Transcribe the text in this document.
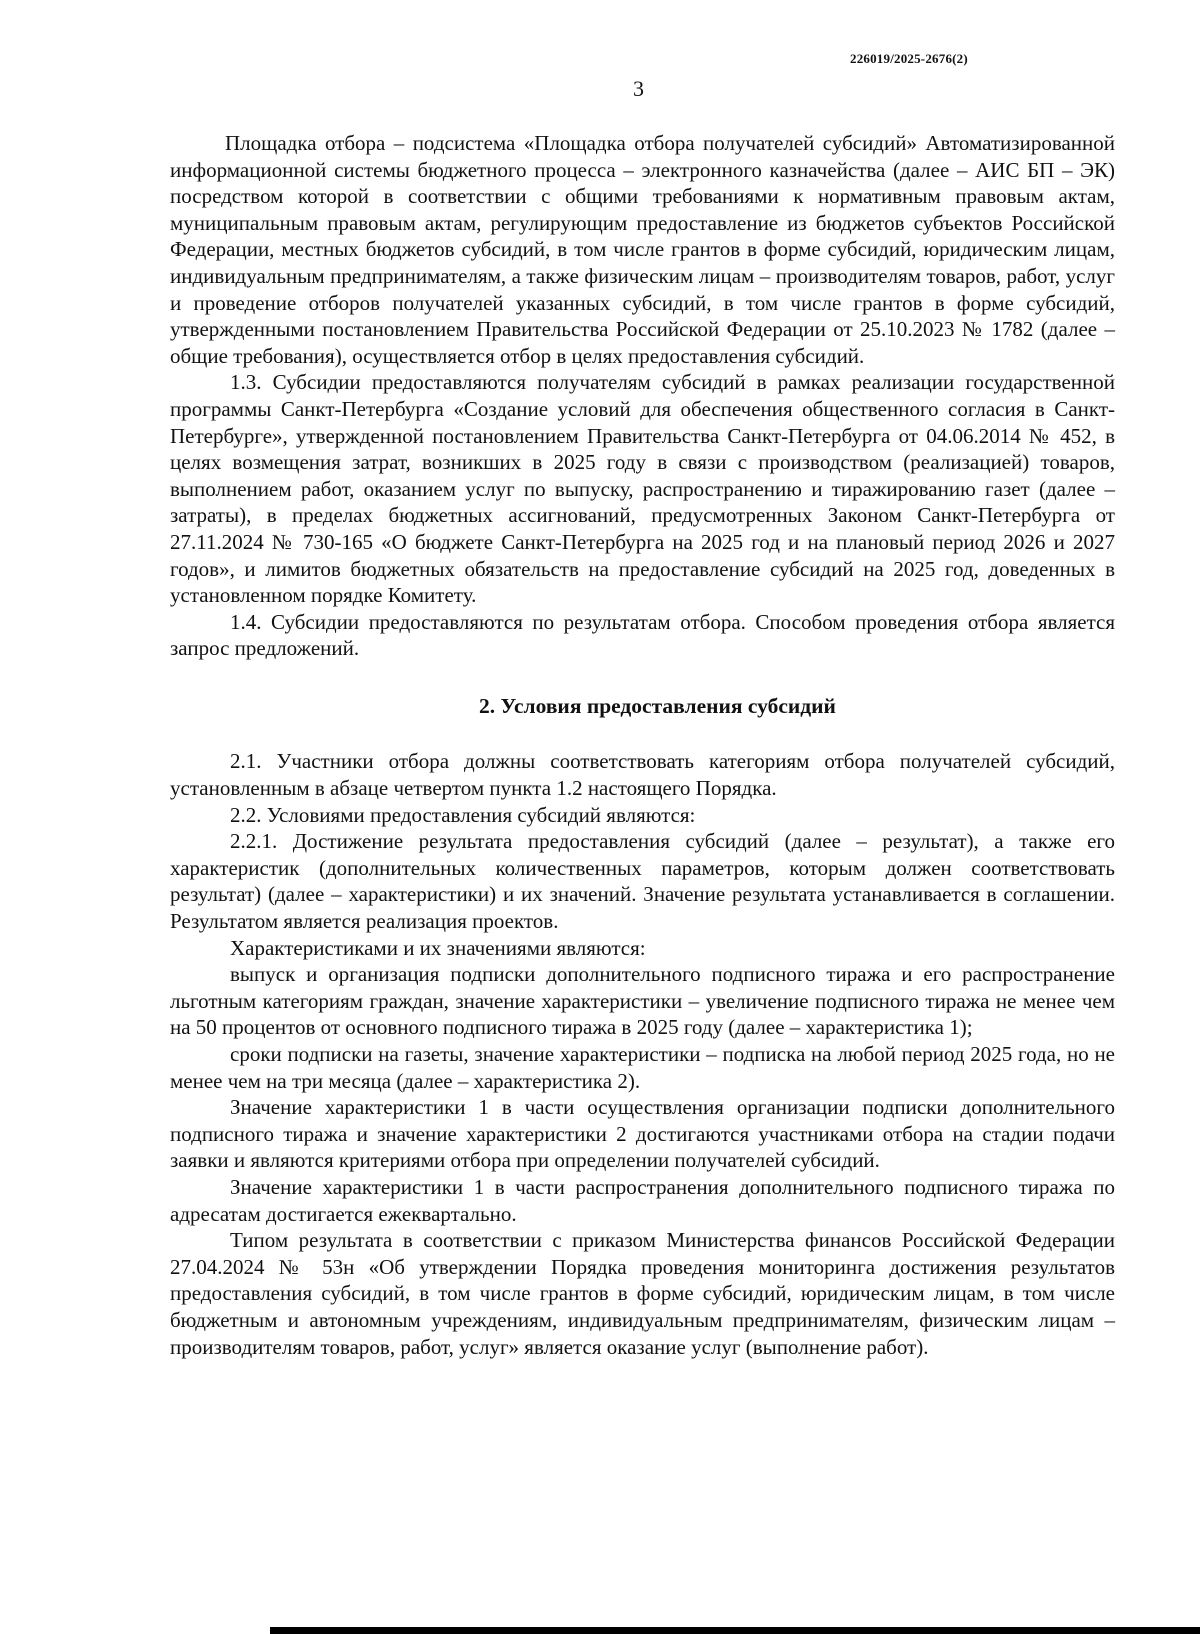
226019/2025-2676(2)
3

Площадка отбора – подсистема «Площадка отбора получателей субсидий» Автоматизированной информационной системы бюджетного процесса – электронного казначейства (далее – АИС БП – ЭК) посредством которой в соответствии с общими требованиями к нормативным правовым актам, муниципальным правовым актам, регулирующим предоставление из бюджетов субъектов Российской Федерации, местных бюджетов субсидий, в том числе грантов в форме субсидий, юридическим лицам, индивидуальным предпринимателям, а также физическим лицам – производителям товаров, работ, услуг и проведение отборов получателей указанных субсидий, в том числе грантов в форме субсидий, утвержденными постановлением Правительства Российской Федерации от 25.10.2023 № 1782 (далее – общие требования), осуществляется отбор в целях предоставления субсидий.

1.3. Субсидии предоставляются получателям субсидий в рамках реализации государственной программы Санкт-Петербурга «Создание условий для обеспечения общественного согласия в Санкт-Петербурге», утвержденной постановлением Правительства Санкт-Петербурга от 04.06.2014 № 452, в целях возмещения затрат, возникших в 2025 году в связи с производством (реализацией) товаров, выполнением работ, оказанием услуг по выпуску, распространению и тиражированию газет (далее – затраты), в пределах бюджетных ассигнований, предусмотренных Законом Санкт-Петербурга от 27.11.2024 № 730-165 «О бюджете Санкт-Петербурга на 2025 год и на плановый период 2026 и 2027 годов», и лимитов бюджетных обязательств на предоставление субсидий на 2025 год, доведенных в установленном порядке Комитету.

1.4. Субсидии предоставляются по результатам отбора. Способом проведения отбора является запрос предложений.

2. Условия предоставления субсидий

2.1. Участники отбора должны соответствовать категориям отбора получателей субсидий, установленным в абзаце четвертом пункта 1.2 настоящего Порядка.

2.2. Условиями предоставления субсидий являются:

2.2.1. Достижение результата предоставления субсидий (далее – результат), а также его характеристик (дополнительных количественных параметров, которым должен соответствовать результат) (далее – характеристики) и их значений. Значение результата устанавливается в соглашении. Результатом является реализация проектов.

Характеристиками и их значениями являются:

выпуск и организация подписки дополнительного подписного тиража и его распространение льготным категориям граждан, значение характеристики – увеличение подписного тиража не менее чем на 50 процентов от основного подписного тиража в 2025 году (далее – характеристика 1);

сроки подписки на газеты, значение характеристики – подписка на любой период 2025 года, но не менее чем на три месяца (далее – характеристика 2).

Значение характеристики 1 в части осуществления организации подписки дополнительного подписного тиража и значение характеристики 2 достигаются участниками отбора на стадии подачи заявки и являются критериями отбора при определении получателей субсидий.

Значение характеристики 1 в части распространения дополнительного подписного тиража по адресатам достигается ежеквартально.

Типом результата в соответствии с приказом Министерства финансов Российской Федерации 27.04.2024 № 53н «Об утверждении Порядка проведения мониторинга достижения результатов предоставления субсидий, в том числе грантов в форме субсидий, юридическим лицам, в том числе бюджетным и автономным учреждениям, индивидуальным предпринимателям, физическим лицам – производителям товаров, работ, услуг» является оказание услуг (выполнение работ).
